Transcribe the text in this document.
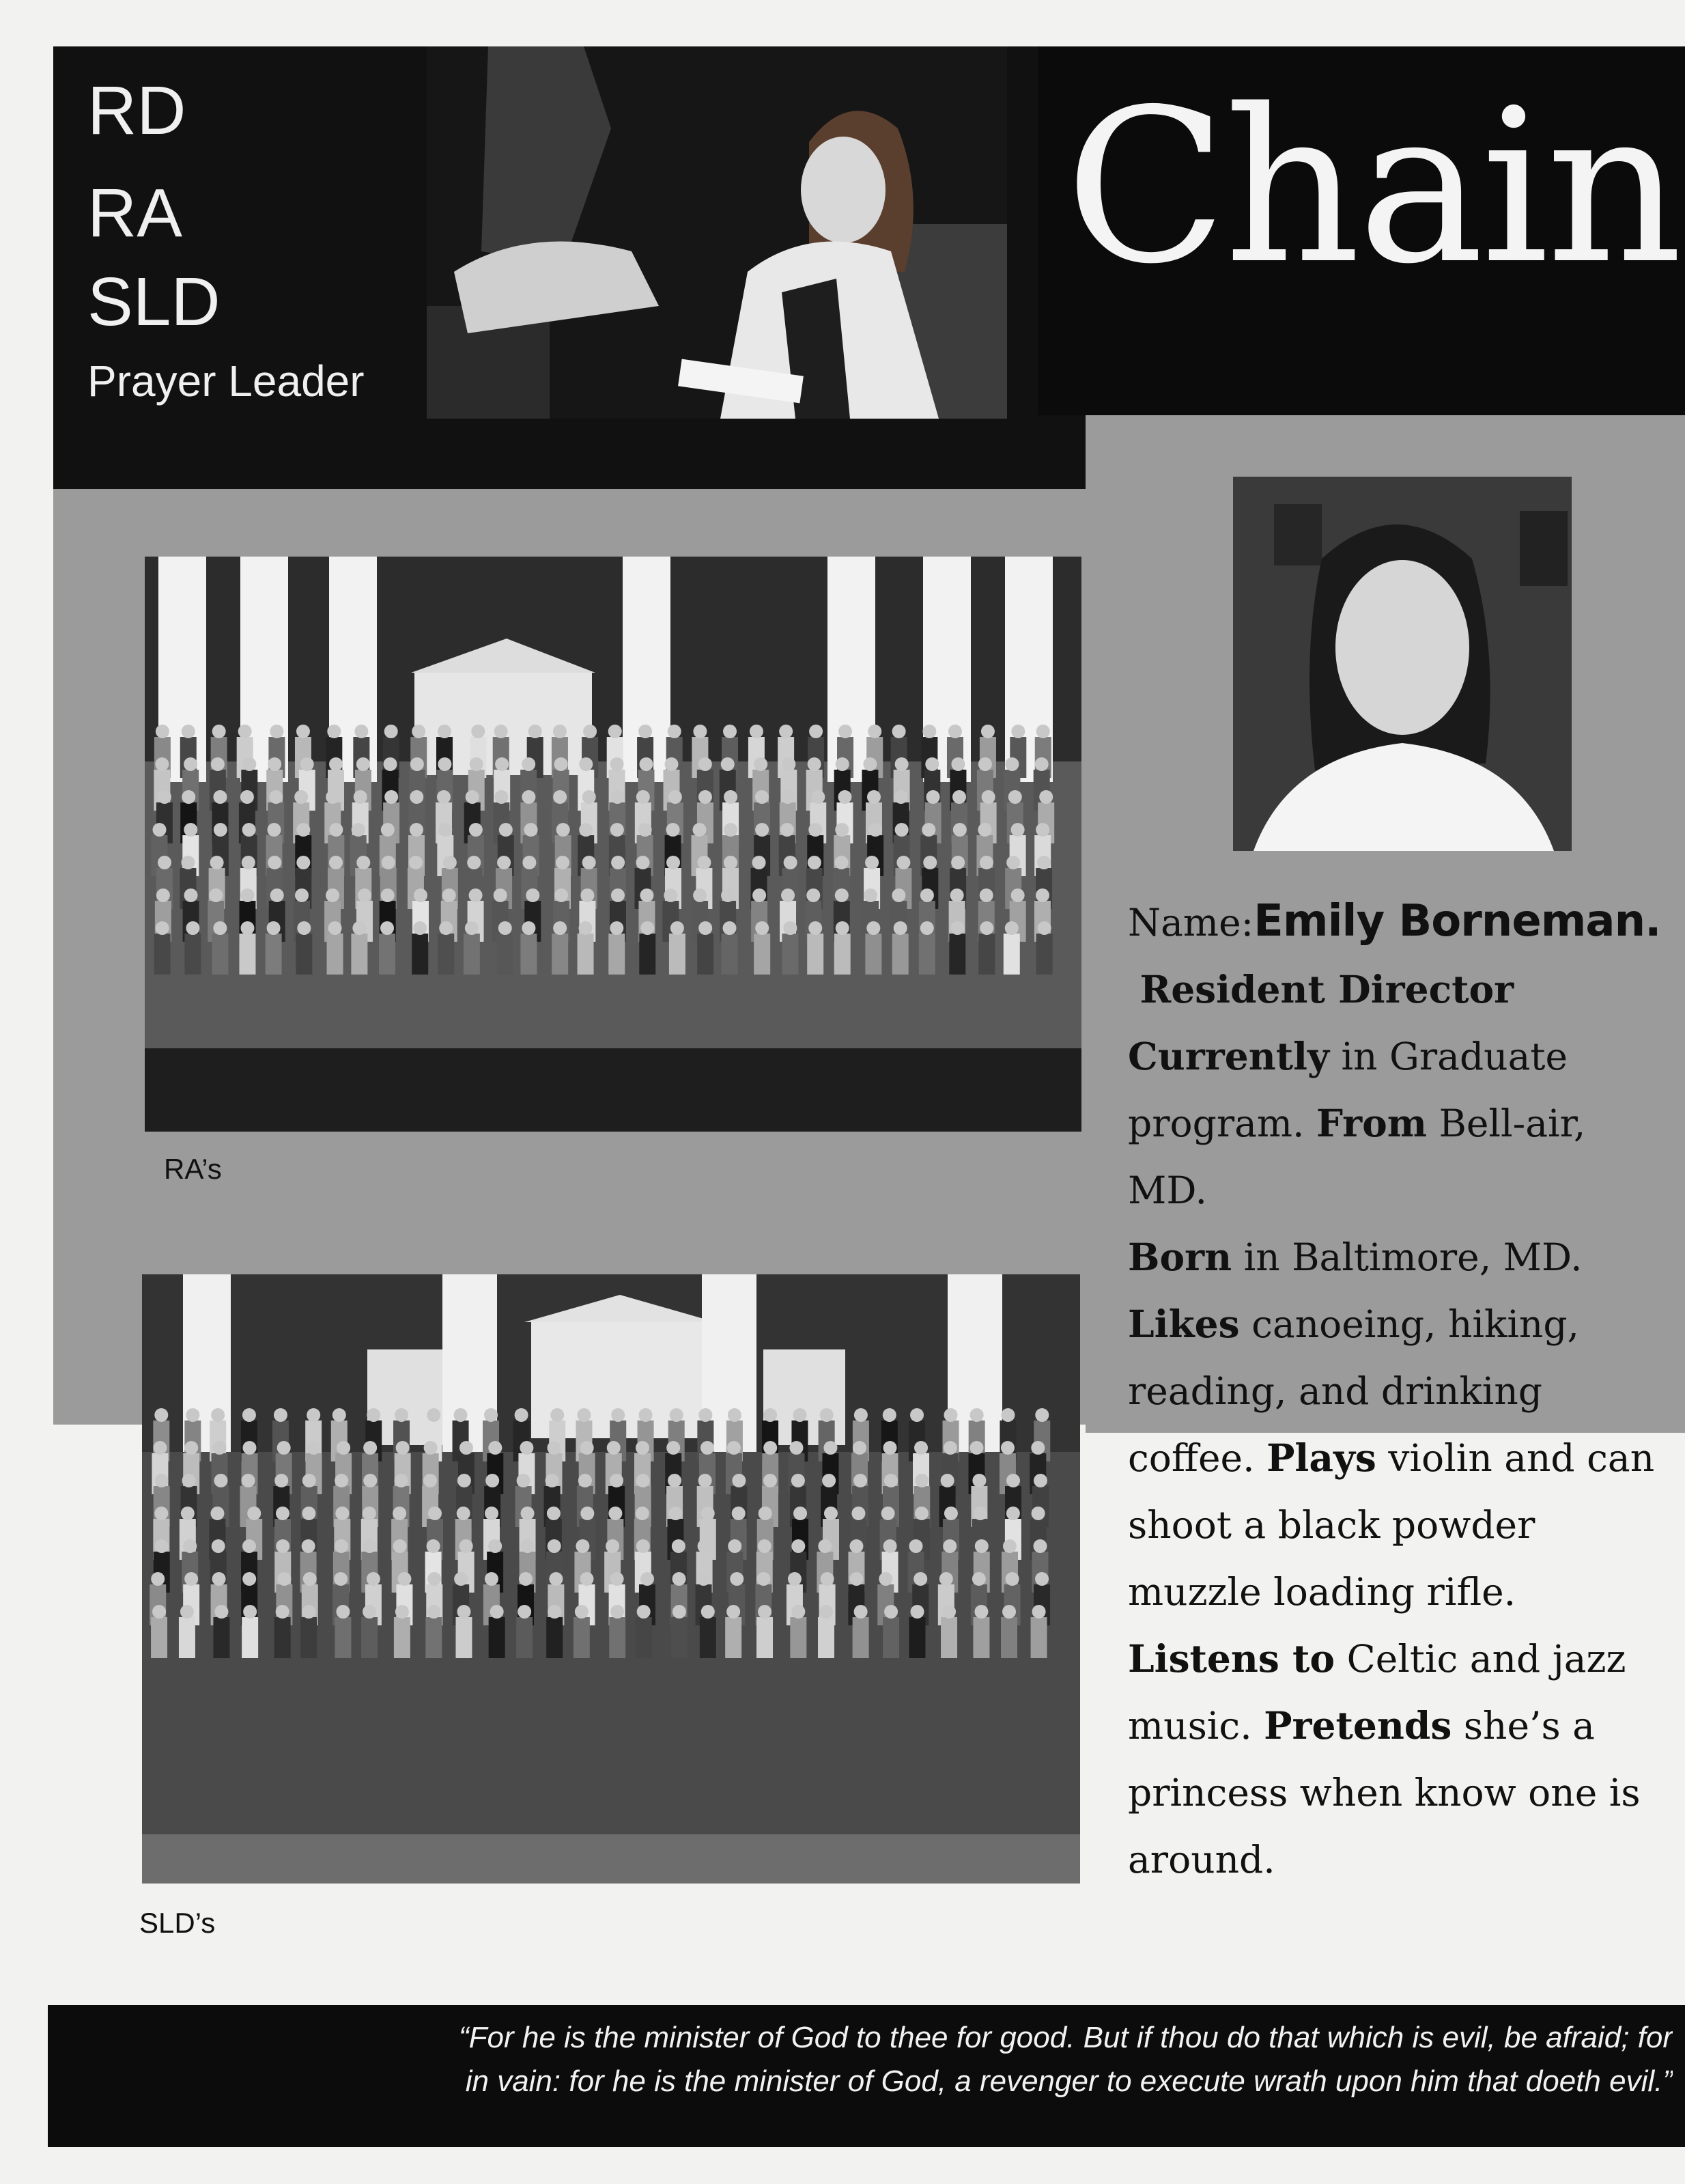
Chain
RD
RA
SLD
Prayer Leader
RA’s
SLD’s

Name:Emily Borneman.

Resident Director

Currently in Graduate program. From Bell-air, MD.
Born in Baltimore, MD. Likes canoeing, hiking, reading, and drinking coffee. Plays violin and can shoot a black powder muzzle loading rifle. Listens to Celtic and jazz music. Pretends she’s a princess when know one is around.

“For he is the minister of God to thee for good. But if thou do that which is evil, be afraid; for
in vain: for he is the minister of God, a revenger to execute wrath upon him that doeth evil.”
